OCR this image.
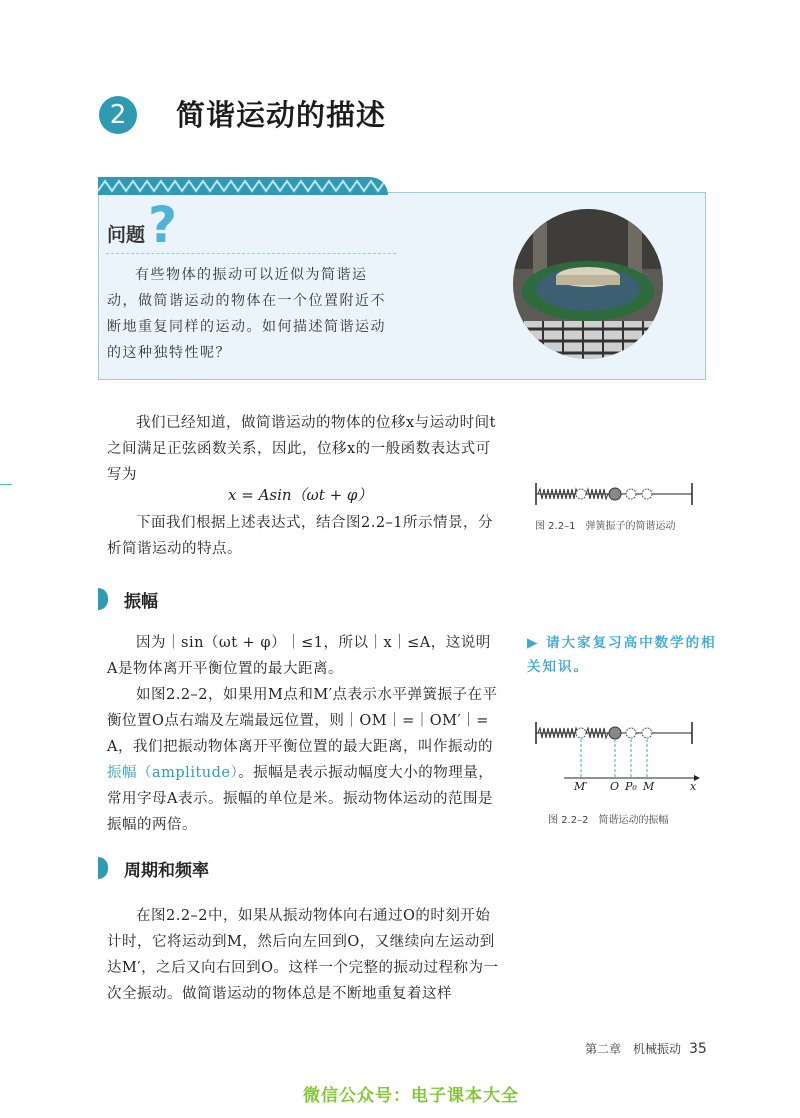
2	简谐运动的描述
问题 ?
有些物体的振动可以近似为简谐运动，做简谐运动的物体在一个位置附近不断地重复同样的运动。如何描述简谐运动的这种独特性呢？
我们已经知道，做简谐运动的物体的位移x与运动时间t之间满足正弦函数关系，因此，位移x的一般函数表达式可写为
x = Asin（ωt + φ）
下面我们根据上述表达式，结合图2.2–1所示情景，分析简谐运动的特点。
图 2.2–1　弹簧振子的简谐运动
振幅
因为｜sin（ωt + φ）｜≤1，所以｜x｜≤A，这说明A是物体离开平衡位置的最大距离。
如图2.2–2，如果用M点和M′点表示水平弹簧振子在平衡位置O点右端及左端最远位置，则｜OM｜=｜OM′｜= A，我们把振动物体离开平衡位置的最大距离，叫作振动的振幅（amplitude）。振幅是表示振动幅度大小的物理量，常用字母A表示。振幅的单位是米。振动物体运动的范围是振幅的两倍。
▶ 请大家复习高中数学的相关知识。
M′ O P₀ M	x
图 2.2–2　简谐运动的振幅
周期和频率
在图2.2–2中，如果从振动物体向右通过O的时刻开始计时，它将运动到M，然后向左回到O，又继续向左运动到达M′，之后又向右回到O。这样一个完整的振动过程称为一次全振动。做简谐运动的物体总是不断地重复着这样
第二章　机械振动 35
微信公众号：电子课本大全
